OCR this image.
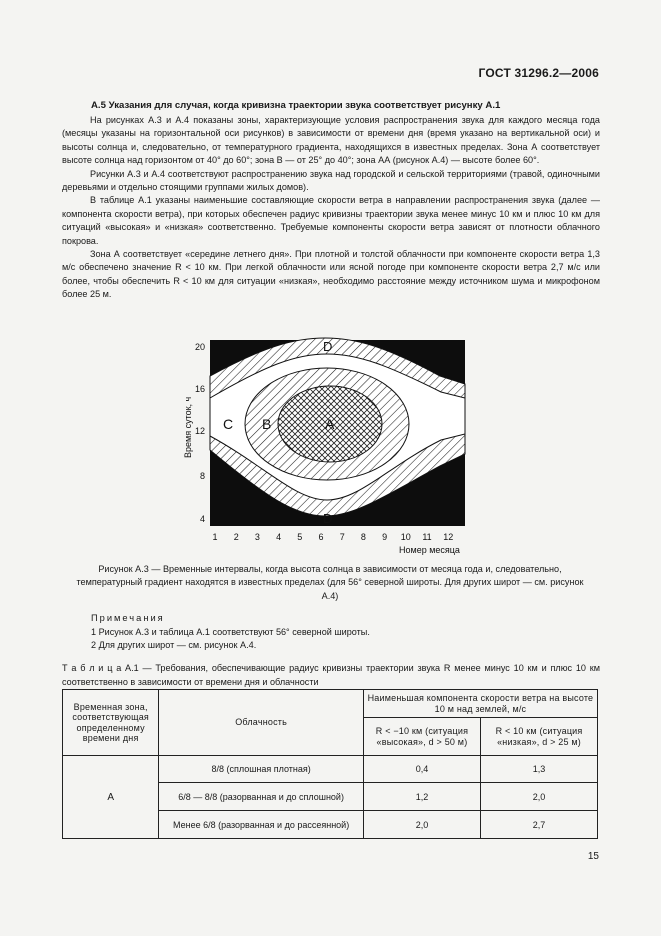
ГОСТ 31296.2—2006
А.5 Указания для случая, когда кривизна траектории звука соответствует рисунку А.1

На рисунках А.3 и А.4 показаны зоны, характеризующие условия распространения звука для каждого месяца года (месяцы указаны на горизонтальной оси рисунков) в зависимости от времени дня (время указано на вертикальной оси) и высоты солнца и, следовательно, от температурного градиента, находящихся в известных пределах. Зона А соответствует высоте солнца над горизонтом от 40° до 60°; зона В — от 25° до 40°; зона АА (рисунок А.4) — высоте более 60°.

Рисунки А.3 и А.4 соответствуют распространению звука над городской и сельской территориями (травой, одиночными деревьями и отдельно стоящими группами жилых домов).

В таблице А.1 указаны наименьшие составляющие скорости ветра в направлении распространения звука (далее — компонента скорости ветра), при которых обеспечен радиус кривизны траектории звука менее минус 10 км и плюс 10 км для ситуаций «высокая» и «низкая» соответственно. Требуемые компоненты скорости ветра зависят от плотности облачного покрова.

Зона А соответствует «середине летнего дня». При плотной и толстой облачности при компоненте скорости ветра 1,3 м/с обеспечено значение R < 10 км. При легкой облачности или ясной погоде при компоненте скорости ветра 2,7 м/с или более, чтобы обеспечить R < 10 км для ситуации «низкая», необходимо расстояние между источником шума и микрофоном более 25 м.

A
B
C
D
D
1 2 3 4 5 6 7 8 9 10 11 12
20
16
12
8
4
Номер месяца
Время суток, ч
Рисунок А.3 — Временные интервалы, когда высота солнца в зависимости от месяца года и, следовательно, температурный градиент находятся в известных пределах (для 56° северной широты. Для других широт — см. рисунок А.4)
Примечания
1 Рисунок А.3 и таблица А.1 соответствуют 56° северной широты.
2 Для других широт — см. рисунок А.4.
Т а б л и ц а А.1 — Требования, обеспечивающие радиус кривизны траектории звука R менее минус 10 км и плюс 10 км соответственно в зависимости от времени дня и облачности
Временная зона, соответствующая определенному времени дня	Облачность	Наименьшая компонента скорости ветра на высоте 10 м над землей, м/с	
		R < −10 км (ситуация «высокая», d > 50 м)	R < 10 км (ситуация «низкая», d > 25 м)
А	8/8 (сплошная плотная)	0,4	1,3
	6/8 — 8/8 (разорванная и до сплошной)	1,2	2,0
	Менее 6/8 (разорванная и до рассеянной)	2,0	2,7
15
